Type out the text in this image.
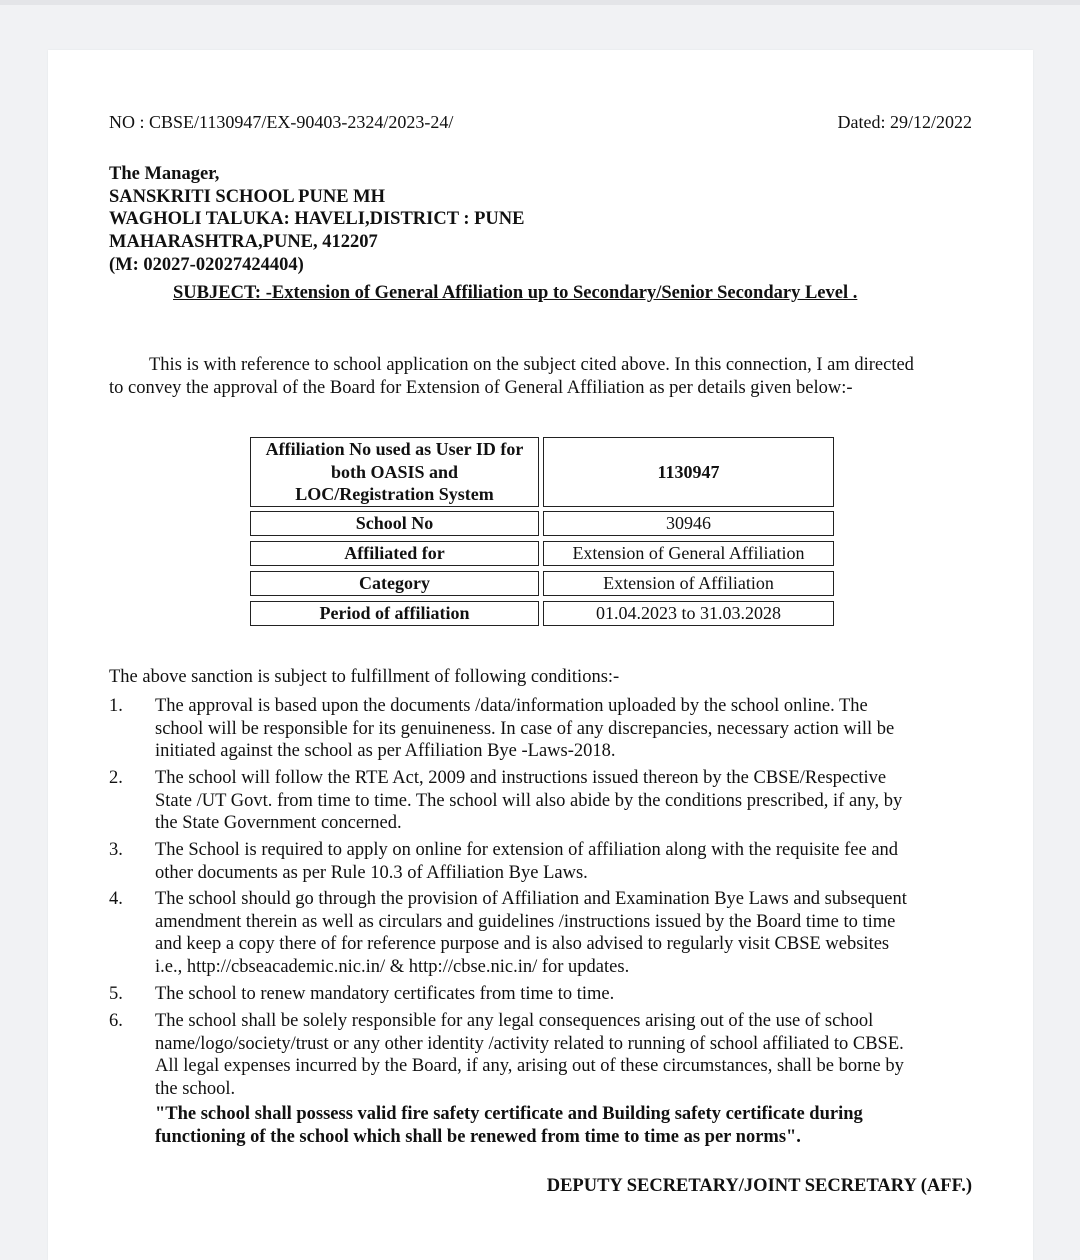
NO : CBSE/1130947/EX-90403-2324/2023-24/	Dated: 29/12/2022
The Manager,
SANSKRITI SCHOOL PUNE MH
WAGHOLI TALUKA: HAVELI,DISTRICT : PUNE
MAHARASHTRA,PUNE, 412207
(M: 02027-02027424404)
SUBJECT: -Extension of General Affiliation up to Secondary/Senior Secondary Level .
This is with reference to school application on the subject cited above. In this connection, I am directed
to convey the approval of the Board for Extension of General Affiliation as per details given below:-
Affiliation No used as User ID for
both OASIS and
LOC/Registration System
1130947
School No	30946
Affiliated for	Extension of General Affiliation
Category	Extension of Affiliation
Period of affiliation	01.04.2023 to 31.03.2028
The above sanction is subject to fulfillment of following conditions:-
1.	The approval is based upon the documents /data/information uploaded by the school online. The
school will be responsible for its genuineness. In case of any discrepancies, necessary action will be
initiated against the school as per Affiliation Bye -Laws-2018.
2.	The school will follow the RTE Act, 2009 and instructions issued thereon by the CBSE/Respective
State /UT Govt. from time to time. The school will also abide by the conditions prescribed, if any, by
the State Government concerned.
3.	The School is required to apply on online for extension of affiliation along with the requisite fee and
other documents as per Rule 10.3 of Affiliation Bye Laws.
4.	The school should go through the provision of Affiliation and Examination Bye Laws and subsequent
amendment therein as well as circulars and guidelines /instructions issued by the Board time to time
and keep a copy there of for reference purpose and is also advised to regularly visit CBSE websites
i.e., http://cbseacademic.nic.in/ & http://cbse.nic.in/ for updates.
5.	The school to renew mandatory certificates from time to time.
6.	The school shall be solely responsible for any legal consequences arising out of the use of school
name/logo/society/trust or any other identity /activity related to running of school affiliated to CBSE.
All legal expenses incurred by the Board, if any, arising out of these circumstances, shall be borne by
the school.
"The school shall possess valid fire safety certificate and Building safety certificate during
functioning of the school which shall be renewed from time to time as per norms".
DEPUTY SECRETARY/JOINT SECRETARY (AFF.)
